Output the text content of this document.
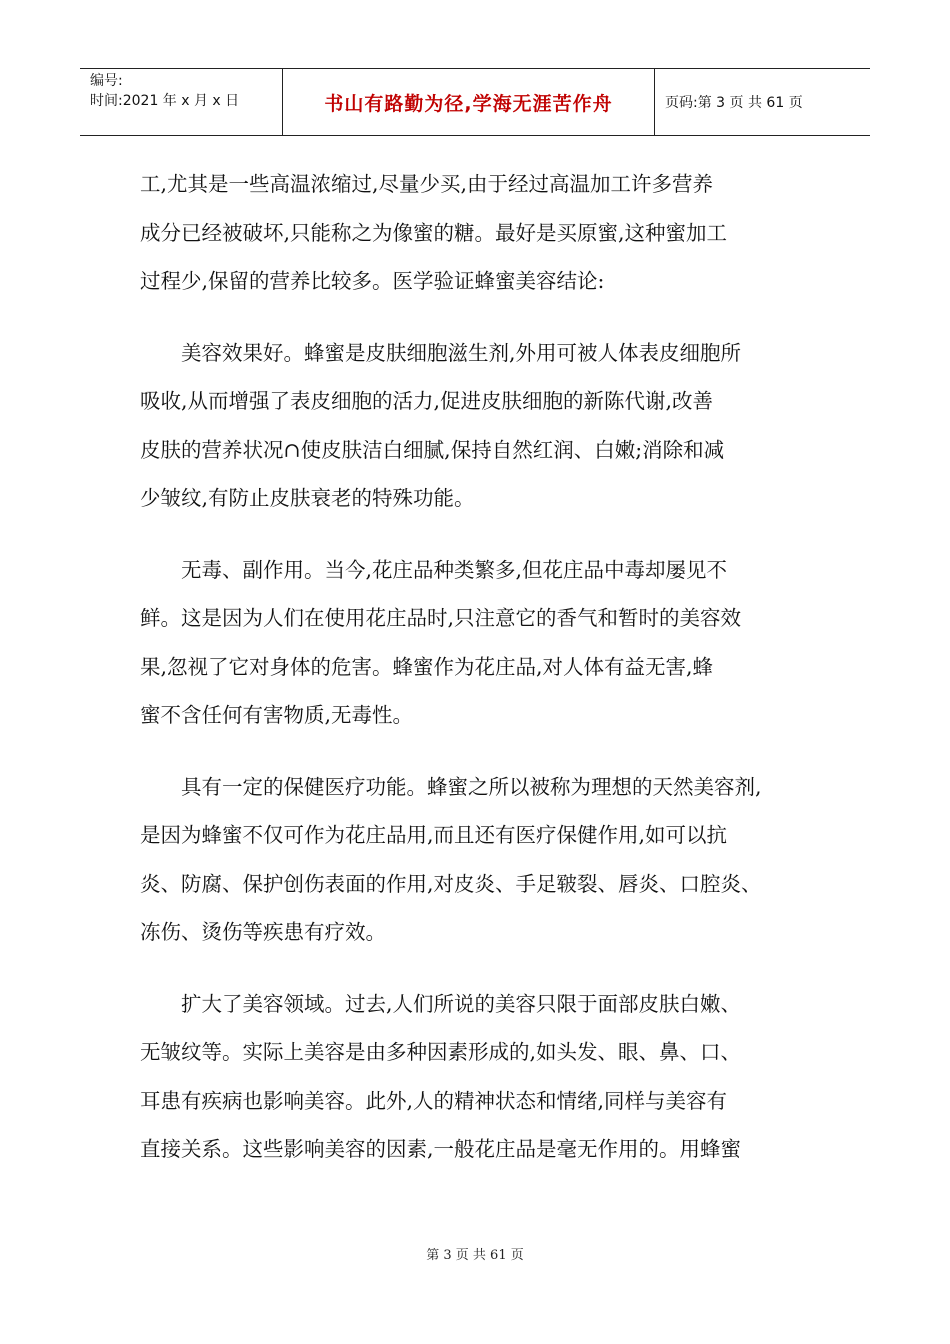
编号:
时间:2021 年 x 月 x 日	书山有路勤为径,学海无涯苦作舟	页码:第 3 页 共 61 页

工,尤其是一些高温浓缩过,尽量少买,由于经过高温加工许多营养
成分已经被破坏,只能称之为像蜜的糖。最好是买原蜜,这种蜜加工
过程少,保留的营养比较多。医学验证蜂蜜美容结论:

美容效果好。蜂蜜是皮肤细胞滋生剂,外用可被人体表皮细胞所
吸收,从而增强了表皮细胞的活力,促进皮肤细胞的新陈代谢,改善
皮肤的营养状况∩使皮肤洁白细腻,保持自然红润、白嫩;消除和减
少皱纹,有防止皮肤衰老的特殊功能。

无毒、副作用。当今,花庄品种类繁多,但花庄品中毒却屡见不
鲜。这是因为人们在使用花庄品时,只注意它的香气和暂时的美容效
果,忽视了它对身体的危害。蜂蜜作为花庄品,对人体有益无害,蜂
蜜不含任何有害物质,无毒性。

具有一定的保健医疗功能。蜂蜜之所以被称为理想的天然美容剂,
是因为蜂蜜不仅可作为花庄品用,而且还有医疗保健作用,如可以抗
炎、防腐、保护创伤表面的作用,对皮炎、手足皲裂、唇炎、口腔炎、
冻伤、烫伤等疾患有疗效。

扩大了美容领域。过去,人们所说的美容只限于面部皮肤白嫩、
无皱纹等。实际上美容是由多种因素形成的,如头发、眼、鼻、口、
耳患有疾病也影响美容。此外,人的精神状态和情绪,同样与美容有
直接关系。这些影响美容的因素,一般花庄品是毫无作用的。用蜂蜜

第 3 页 共 61 页
